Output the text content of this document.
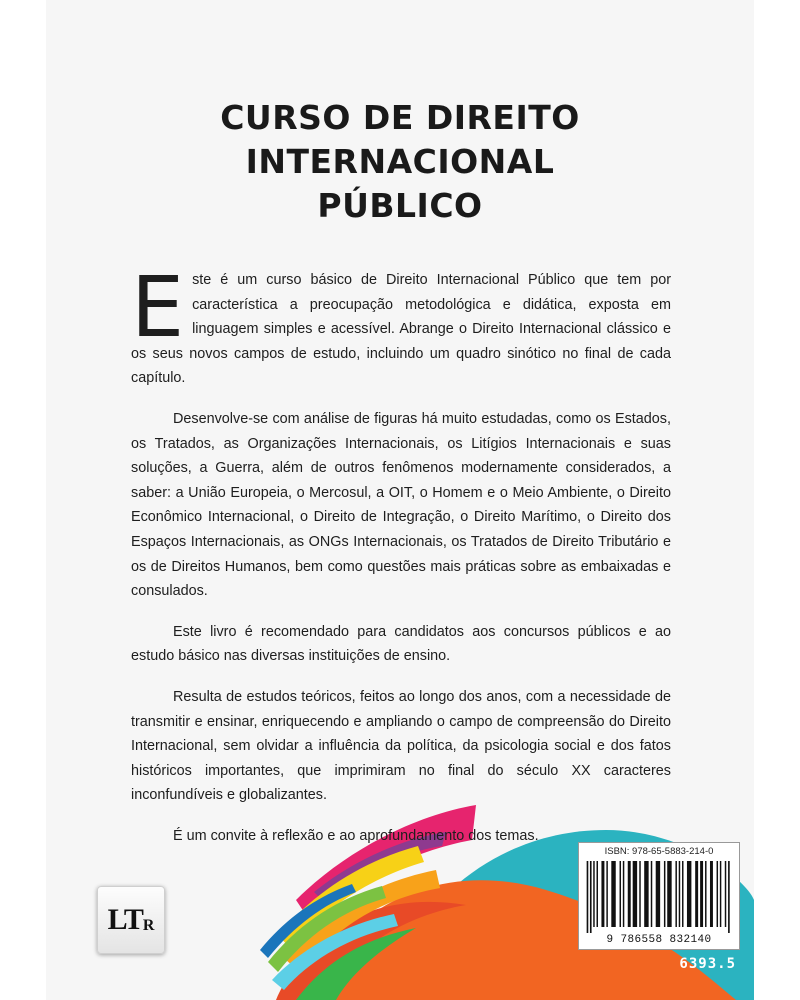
CURSO DE DIREITO
INTERNACIONAL
PÚBLICO

Este é um curso básico de Direito Internacional Público que tem por característica a preocupação metodológica e didática, exposta em linguagem simples e acessível. Abrange o Direito Internacional clássico e os seus novos campos de estudo, incluindo um quadro sinótico no final de cada capítulo.

Desenvolve-se com análise de figuras há muito estudadas, como os Estados, os Tratados, as Organizações Internacionais, os Litígios Internacionais e suas soluções, a Guerra, além de outros fenômenos modernamente considerados, a saber: a União Europeia, o Mercosul, a OIT, o Homem e o Meio Ambiente, o Direito Econômico Internacional, o Direito de Integração, o Direito Marítimo, o Direito dos Espaços Internacionais, as ONGs Internacionais, os Tratados de Direito Tributário e os de Direitos Humanos, bem como questões mais práticas sobre as embaixadas e consulados.

Este livro é recomendado para candidatos aos concursos públicos e ao estudo básico nas diversas instituições de ensino.

Resulta de estudos teóricos, feitos ao longo dos anos, com a necessidade de transmitir e ensinar, enriquecendo e ampliando o campo de compreensão do Direito Internacional, sem olvidar a influência da política, da psicologia social e dos fatos históricos importantes, que imprimiram no final do século XX caracteres inconfundíveis e globalizantes.

É um convite à reflexão e ao aprofundamento dos temas.

LT R
ISBN: 978-65-5883-214-0
9 786558 832140
6393.5
